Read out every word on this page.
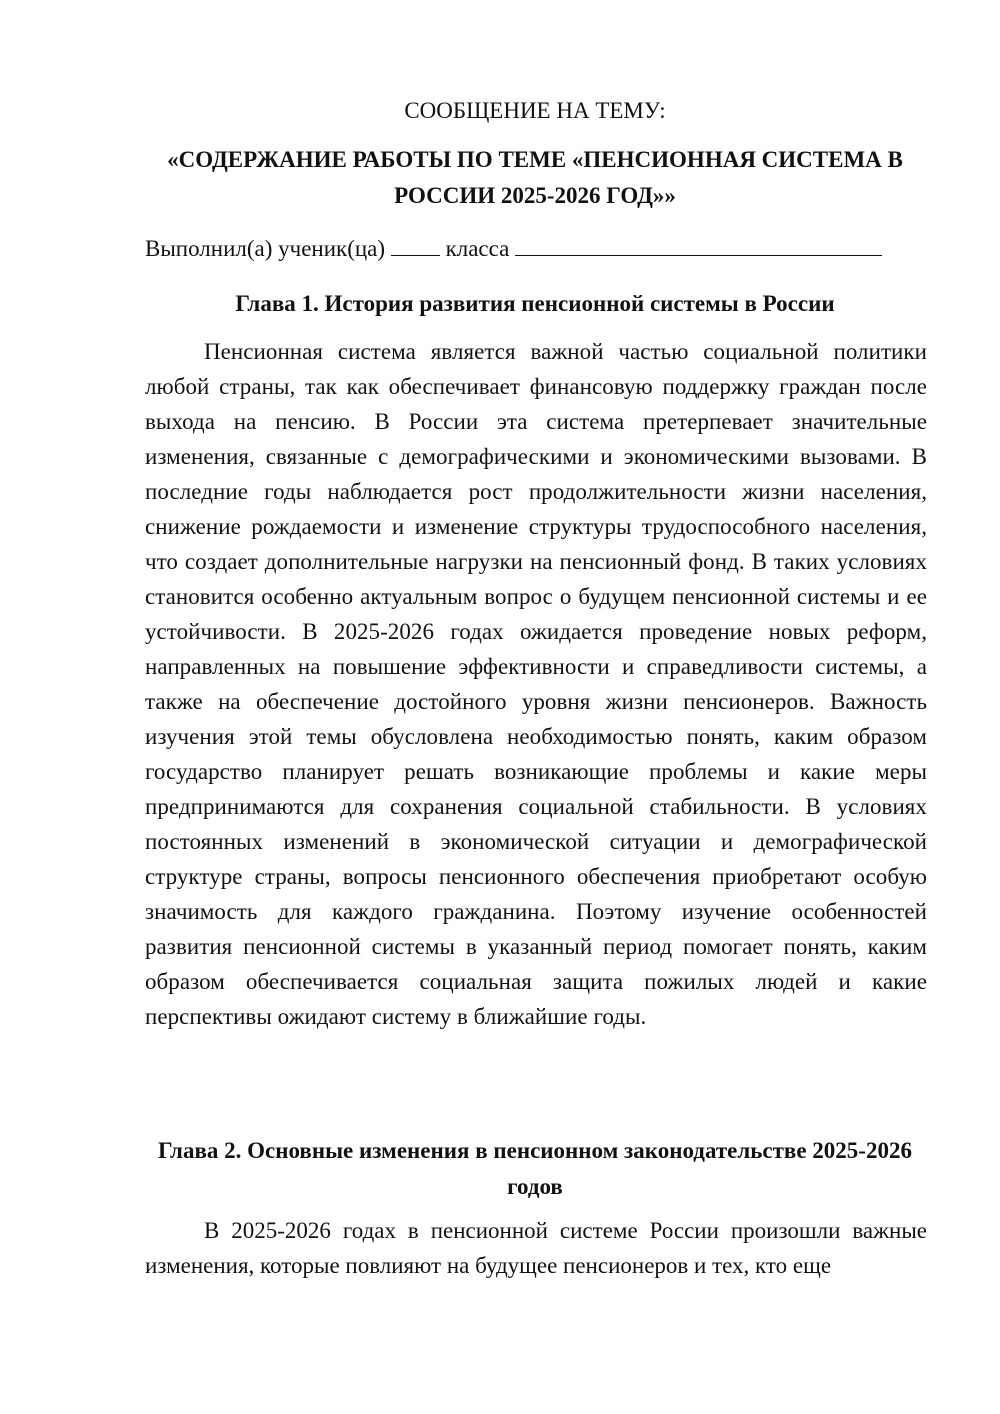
СООБЩЕНИЕ НА ТЕМУ:
«СОДЕРЖАНИЕ РАБОТЫ ПО ТЕМЕ «ПЕНСИОННАЯ СИСТЕМА В РОССИИ 2025-2026 ГОД»»
Выполнил(а) ученик(ца)	класса
Глава 1. История развития пенсионной системы в России

Пенсионная система является важной частью социальной политики любой страны, так как обеспечивает финансовую поддержку граждан после выхода на пенсию. В России эта система претерпевает значительные изменения, связанные с демографическими и экономическими вызовами. В последние годы наблюдается рост продолжительности жизни населения, снижение рождаемости и изменение структуры трудоспособного населения, что создает дополнительные нагрузки на пенсионный фонд. В таких условиях становится особенно актуальным вопрос о будущем пенсионной системы и ее устойчивости. В 2025-2026 годах ожидается проведение новых реформ, направленных на повышение эффективности и справедливости системы, а также на обеспечение достойного уровня жизни пенсионеров. Важность изучения этой темы обусловлена необходимостью понять, каким образом государство планирует решать возникающие проблемы и какие меры предпринимаются для сохранения социальной стабильности. В условиях постоянных изменений в экономической ситуации и демографической структуре страны, вопросы пенсионного обеспечения приобретают особую значимость для каждого гражданина. Поэтому изучение особенностей развития пенсионной системы в указанный период помогает понять, каким образом обеспечивается социальная защита пожилых людей и какие перспективы ожидают систему в ближайшие годы.

Глава 2. Основные изменения в пенсионном законодательстве 2025-2026 годов

В 2025-2026 годах в пенсионной системе России произошли важные изменения, которые повлияют на будущее пенсионеров и тех, кто еще
